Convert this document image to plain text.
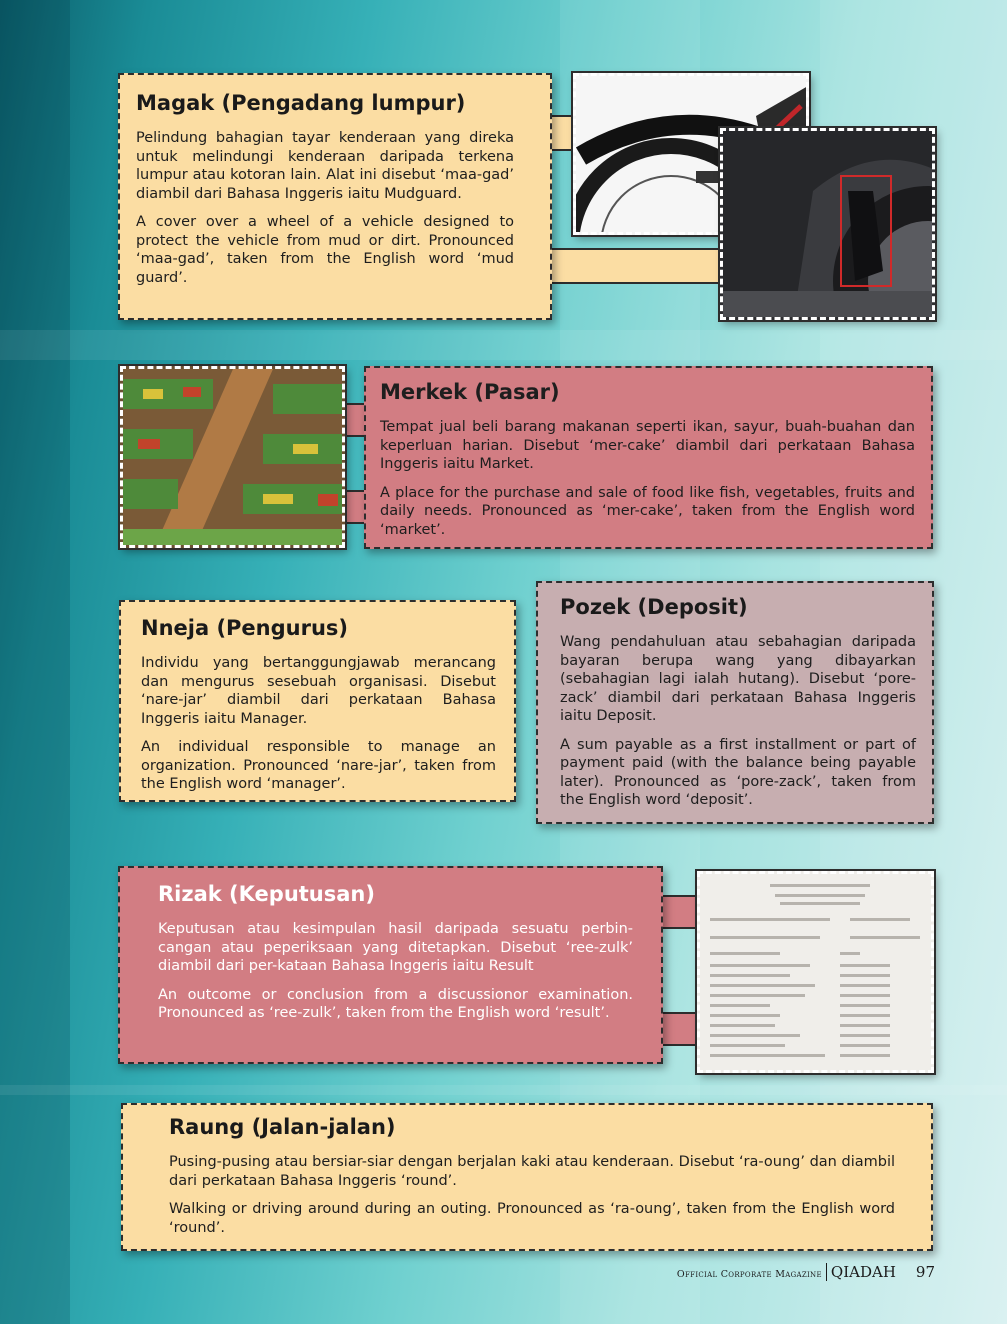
Magak (Pengadang lumpur)

Pelindung bahagian tayar kenderaan yang direka untuk melindungi kenderaan daripada terkena lumpur atau kotoran lain. Alat ini disebut ‘maa-gad’ diambil dari Bahasa Inggeris iaitu Mudguard.

A cover over a wheel of a vehicle designed to protect the vehicle from mud or dirt. Pronounced ‘maa-gad’, taken from the English word ‘mud guard’.

Merkek (Pasar)

Tempat jual beli barang makanan seperti ikan, sayur, buah-buahan dan keperluan harian. Disebut ‘mer-cake’ diambil dari perkataan Bahasa Inggeris iaitu Market.

A place for the purchase and sale of food like fish, vegetables, fruits and daily needs. Pronounced as ‘mer-cake’, taken from the English word ‘market’.

Nneja (Pengurus)

Individu yang bertanggungjawab merancang dan mengurus sesebuah organisasi. Disebut ‘nare-jar’ diambil dari perkataan Bahasa Inggeris iaitu Manager.

An individual responsible to manage an organization. Pronounced ‘nare-jar’, taken from the English word ‘manager’.

Pozek (Deposit)

Wang pendahuluan atau sebahagian daripada bayaran berupa wang yang dibayarkan (sebahagian lagi ialah hutang). Disebut ‘pore-zack’ diambil dari perkataan Bahasa Inggeris iaitu Deposit.

A sum payable as a first installment or part of payment paid (with the balance being payable later). Pronounced as ‘pore-zack’, taken from the English word ‘deposit’.

Rizak (Keputusan)

Keputusan atau kesimpulan hasil daripada sesuatu perbin-cangan atau peperiksaan yang ditetapkan. Disebut ‘ree-zulk’ diambil dari per-kataan Bahasa Inggeris iaitu Result

An outcome or conclusion from a discussionor examination. Pronounced as ‘ree-zulk’, taken from the English word ‘result’.

Raung (Jalan-jalan)

Pusing-pusing atau bersiar-siar dengan berjalan kaki atau kenderaan. Disebut ‘ra-oung’ dan diambil dari perkataan Bahasa Inggeris ‘round’.

Walking or driving around during an outing. Pronounced as ‘ra-oung’, taken from the English word ‘round’.

Official Corporate Magazine QIADAH 97
